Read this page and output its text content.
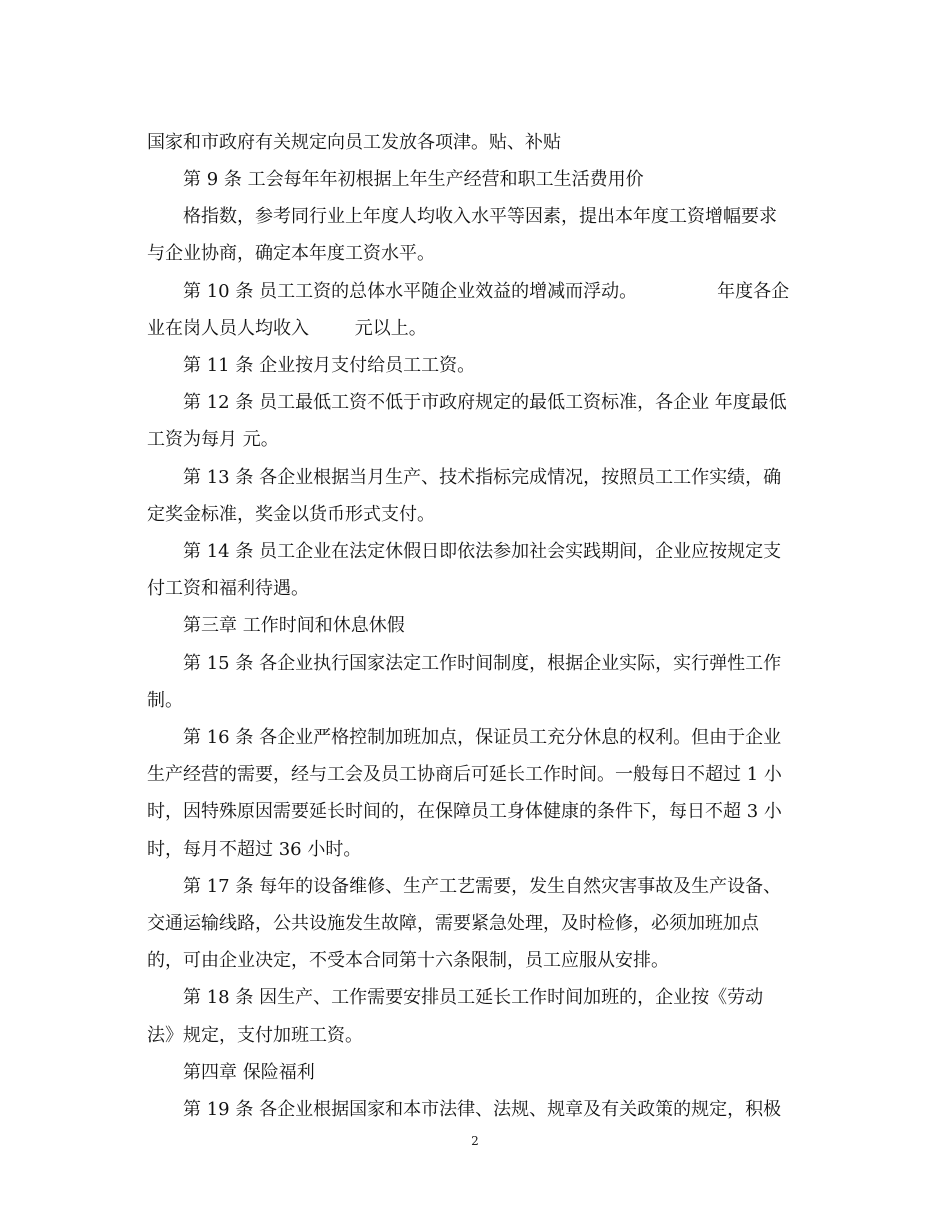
国家和市政府有关规定向员工发放各项津。贴、补贴
第 9 条 工会每年年初根据上年生产经营和职工生活费用价
格指数，参考同行业上年度人均收入水平等因素，提出本年度工资增幅要求
与企业协商，确定本年度工资水平。
第 10 条 员工工资的总体水平随企业效益的增减而浮动。              年度各企
业在岗人员人均收入        元以上。
第 11 条 企业按月支付给员工工资。
第 12 条 员工最低工资不低于市政府规定的最低工资标准，各企业 年度最低
工资为每月 元。
第 13 条 各企业根据当月生产、技术指标完成情况，按照员工工作实绩，确
定奖金标准，奖金以货币形式支付。
第 14 条 员工企业在法定休假日即依法参加社会实践期间，企业应按规定支
付工资和福利待遇。
第三章 工作时间和休息休假
第 15 条 各企业执行国家法定工作时间制度，根据企业实际，实行弹性工作
制。
第 16 条 各企业严格控制加班加点，保证员工充分休息的权利。但由于企业
生产经营的需要，经与工会及员工协商后可延长工作时间。一般每日不超过 1 小
时，因特殊原因需要延长时间的，在保障员工身体健康的条件下，每日不超 3 小
时，每月不超过 36 小时。
第 17 条 每年的设备维修、生产工艺需要，发生自然灾害事故及生产设备、
交通运输线路，公共设施发生故障，需要紧急处理，及时检修，必须加班加点
的，可由企业决定，不受本合同第十六条限制，员工应服从安排。
第 18 条 因生产、工作需要安排员工延长工作时间加班的，企业按《劳动
法》规定，支付加班工资。
第四章 保险福利
第 19 条 各企业根据国家和本市法律、法规、规章及有关政策的规定，积极
2
